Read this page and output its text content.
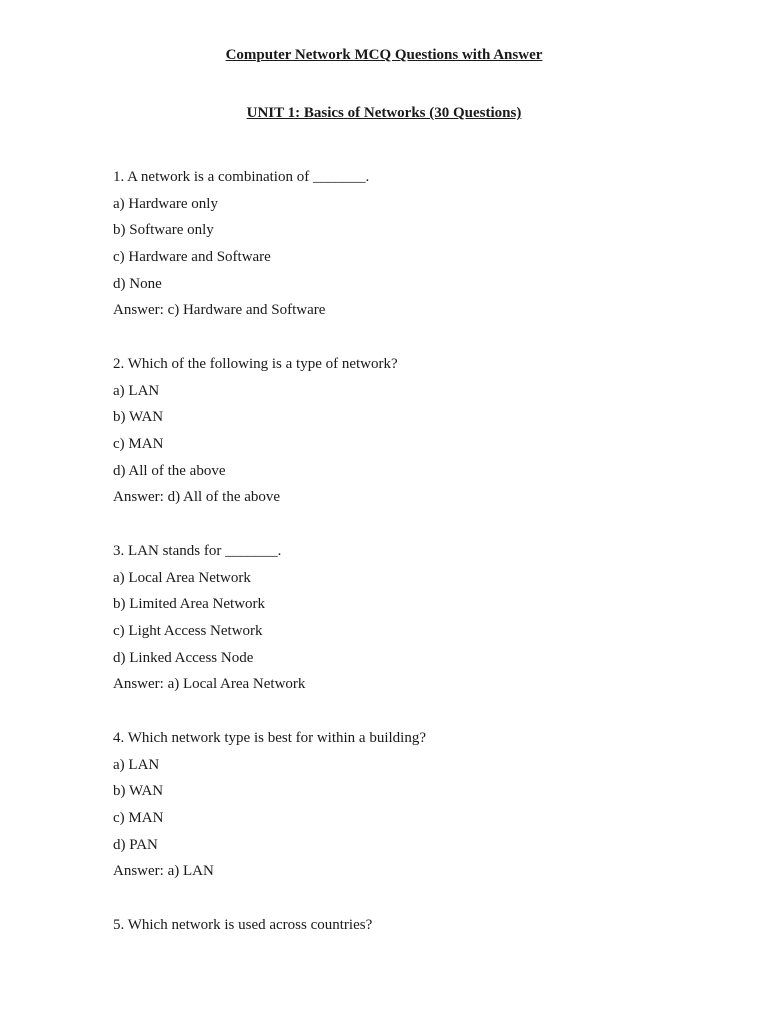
Computer Network MCQ Questions with Answer
UNIT 1: Basics of Networks (30 Questions)
1. A network is a combination of _______.
a) Hardware only
b) Software only
c) Hardware and Software
d) None
Answer: c) Hardware and Software
2. Which of the following is a type of network?
a) LAN
b) WAN
c) MAN
d) All of the above
Answer: d) All of the above
3. LAN stands for _______.
a) Local Area Network
b) Limited Area Network
c) Light Access Network
d) Linked Access Node
Answer: a) Local Area Network
4. Which network type is best for within a building?
a) LAN
b) WAN
c) MAN
d) PAN
Answer: a) LAN
5. Which network is used across countries?
